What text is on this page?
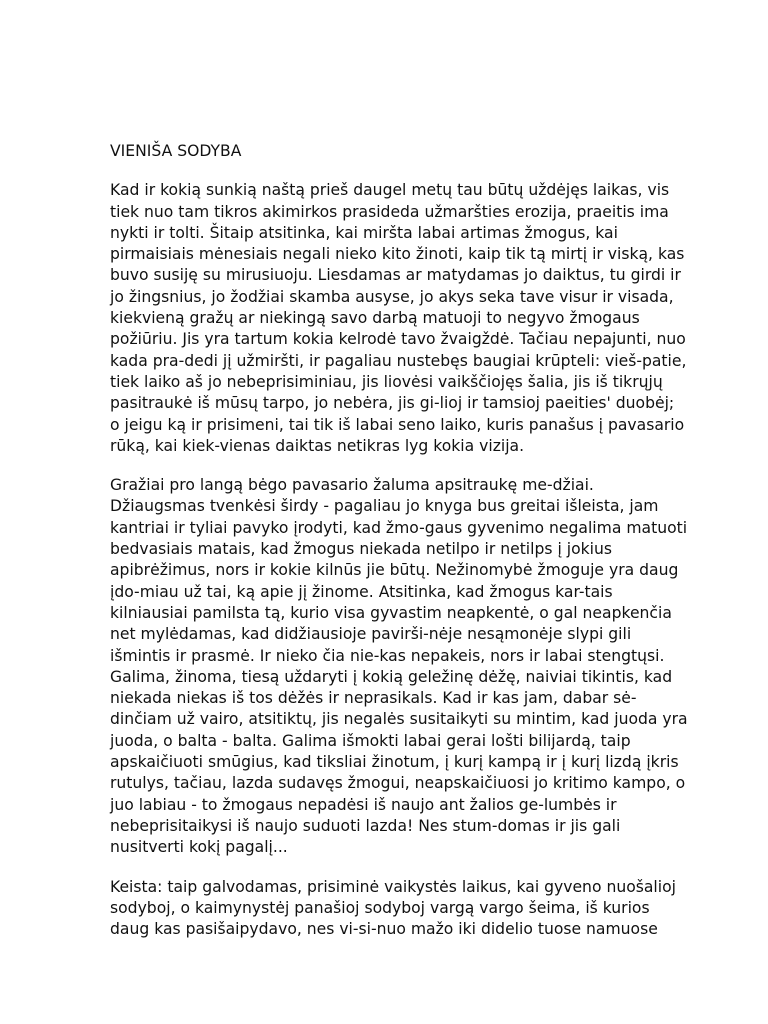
VIENIŠA SODYBA
Kad ir kokią sunkią naštą prieš daugel metų tau būtų uždėjęs laikas, vis
tiek nuo tam tikros akimirkos prasideda užmaršties erozija, praeitis ima
nykti ir tolti. Šitaip atsitinka, kai miršta labai artimas žmogus, kai
pirmaisiais mėnesiais negali nieko kito žinoti, kaip tik tą mirtį ir viską, kas
buvo susiję su mirusiuoju. Liesdamas ar matydamas jo daiktus, tu girdi ir
jo žingsnius, jo žodžiai skamba ausyse, jo akys seka tave visur ir visada,
kiekvieną gražų ar niekingą savo darbą matuoji to negyvo žmogaus
požiūriu. Jis yra tartum kokia kelrodė tavo žvaigždė. Tačiau nepajunti, nuo
kada pra-dedi jį užmiršti, ir pagaliau nustebęs baugiai krūpteli: vieš-patie,
tiek laiko aš jo nebeprisiminiau, jis liovėsi vaikščiojęs šalia, jis iš tikrųjų
pasitraukė iš mūsų tarpo, jo nebėra, jis gi-lioj ir tamsioj paeities' duobėj;
o jeigu ką ir prisimeni, tai tik iš labai seno laiko, kuris panašus į pavasario
rūką, kai kiek-vienas daiktas netikras lyg kokia vizija.
Gražiai pro langą bėgo pavasario žaluma apsitraukę me-džiai.
Džiaugsmas tvenkėsi širdy - pagaliau jo knyga bus greitai išleista, jam
kantriai ir tyliai pavyko įrodyti, kad žmo-gaus gyvenimo negalima matuoti
bedvasiais matais, kad žmogus niekada netilpo ir netilps į jokius
apibrėžimus, nors ir kokie kilnūs jie būtų. Nežinomybė žmoguje yra daug
įdo-miau už tai, ką apie jį žinome. Atsitinka, kad žmogus kar-tais
kilniausiai pamilsta tą, kurio visa gyvastim neapkentė, o gal neapkenčia
net mylėdamas, kad didžiausioje pavirši-nėje nesąmonėje slypi gili
išmintis ir prasmė. Ir nieko čia nie-kas nepakeis, nors ir labai stengtųsi.
Galima, žinoma, tiesą uždaryti į kokią geležinę dėžę, naiviai tikintis, kad
niekada niekas iš tos dėžės ir neprasikals. Kad ir kas jam, dabar sė-
dinčiam už vairo, atsitiktų, jis negalės susitaikyti su mintim, kad juoda yra
juoda, o balta - balta. Galima išmokti labai gerai lošti bilijardą, taip
apskaičiuoti smūgius, kad tiksliai žinotum, į kurį kampą ir į kurį lizdą įkris
rutulys, tačiau, lazda sudavęs žmogui, neapskaičiuosi jo kritimo kampo, o
juo labiau - to žmogaus nepadėsi iš naujo ant žalios ge-lumbės ir
nebeprisitaikysi iš naujo suduoti lazda! Nes stum-domas ir jis gali
nusitverti kokį pagalį...
Keista: taip galvodamas, prisiminė vaikystės laikus, kai gyveno nuošalioj
sodyboj, o kaimynystėj panašioj sodyboj vargą vargo šeima, iš kurios
daug kas pasišaipydavo, nes vi-si-nuo mažo iki didelio tuose namuose
